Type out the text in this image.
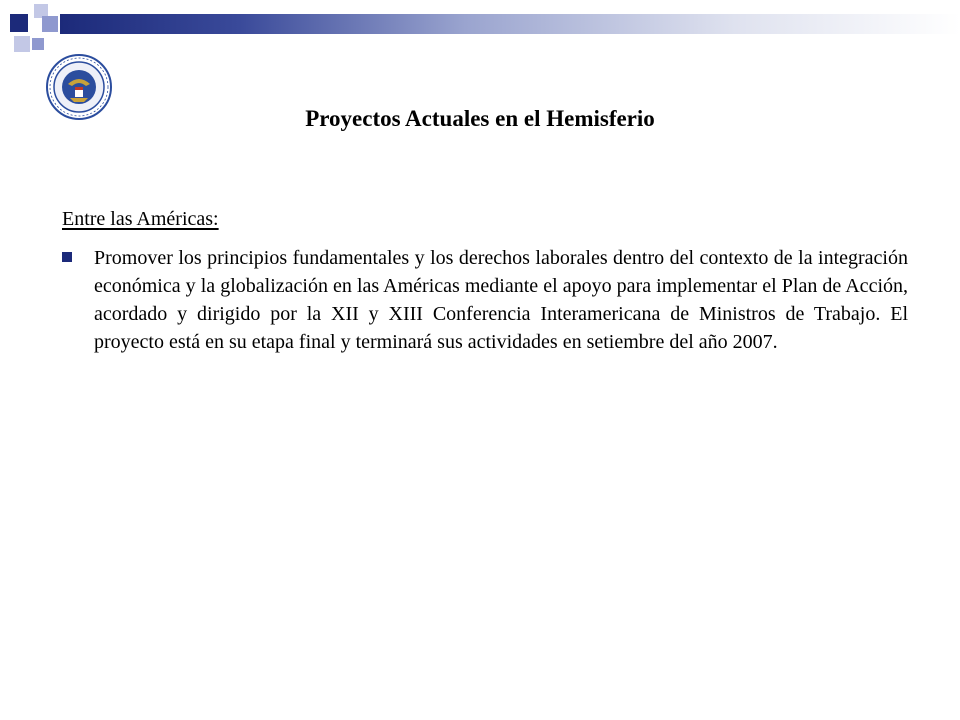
Proyectos Actuales en el Hemisferio
Entre las Américas:
Promover los principios fundamentales y los derechos laborales dentro del contexto de la integración económica y la globalización en las Américas mediante el apoyo para implementar el Plan de Acción, acordado y dirigido por la XII y XIII Conferencia Interamericana de Ministros de Trabajo. El proyecto está en su etapa final y terminará sus actividades en setiembre del año 2007.
